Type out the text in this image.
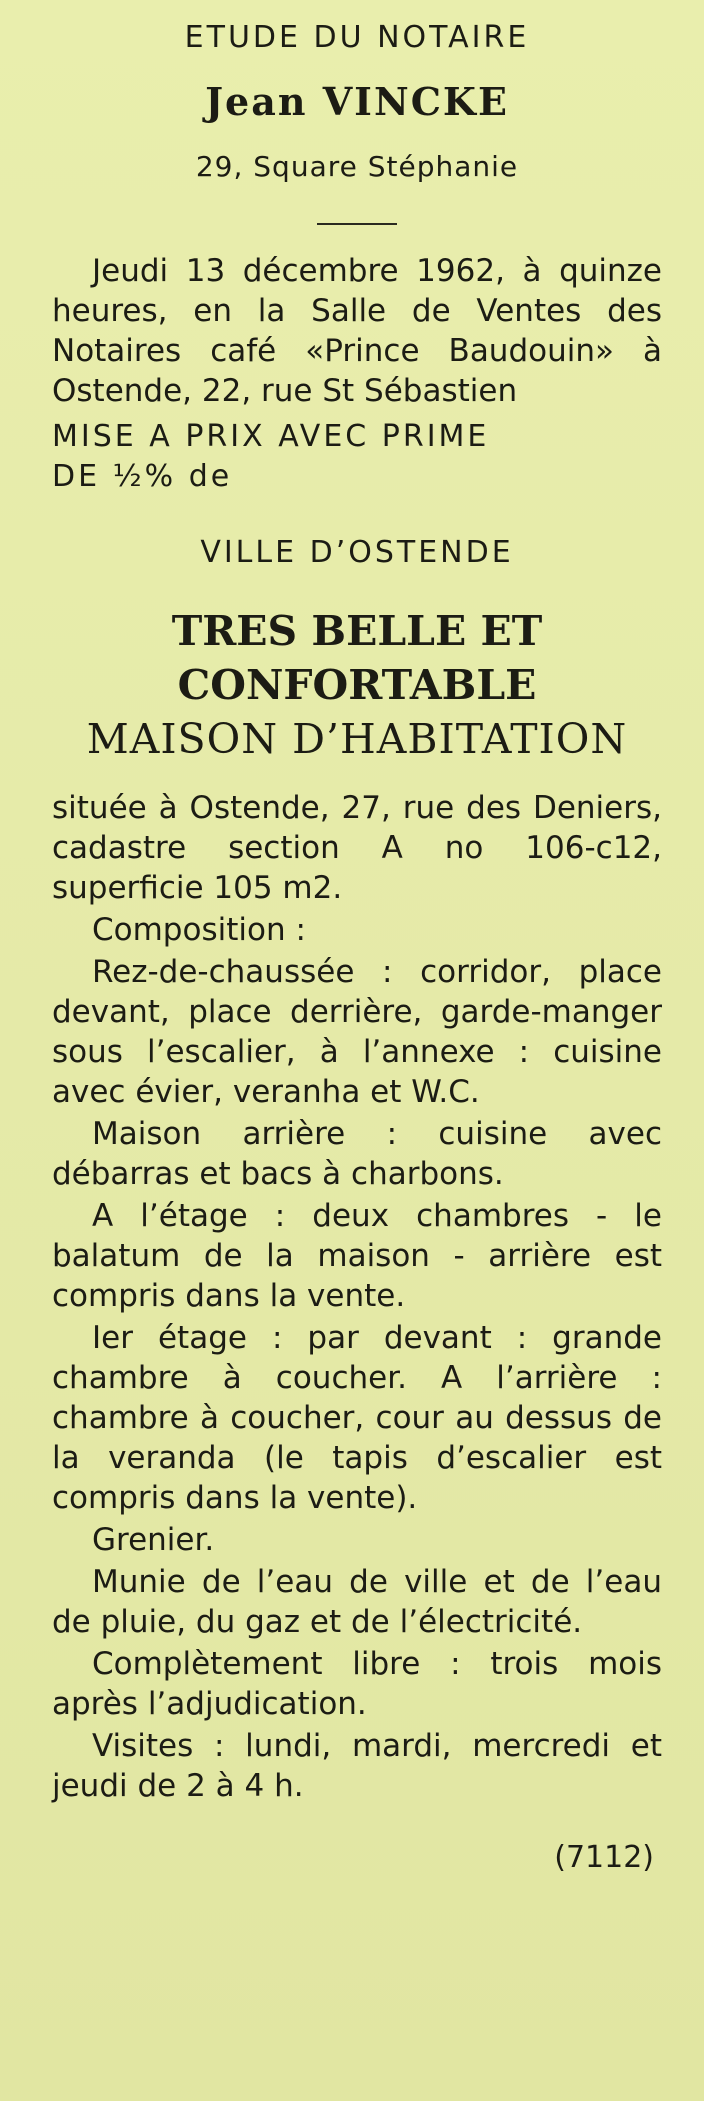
ETUDE DU NOTAIRE

Jean VINCKE

29, Square Stéphanie

Jeudi 13 décembre 1962, à quinze heures, en la Salle de Ventes des Notaires café «Prince Baudouin» à Ostende, 22, rue St Sébastien

MISE A PRIX AVEC PRIME
DE ½% de

VILLE D’OSTENDE

TRES BELLE ET
CONFORTABLE
MAISON D’HABITATION

située à Ostende, 27, rue des Deniers, cadastre section A no 106-c12, superficie 105 m2.

Composition :

Rez-de-chaussée : corridor, place devant, place derrière, garde-manger sous l’escalier, à l’annexe : cuisine avec évier, veranha et W.C.

Maison arrière : cuisine avec débarras et bacs à charbons.

A l’étage : deux chambres - le balatum de la maison - arrière est compris dans la vente.

Ier étage : par devant : grande chambre à coucher. A l’arrière : chambre à coucher, cour au dessus de la veranda (le tapis d’escalier est compris dans la vente).

Grenier.

Munie de l’eau de ville et de l’eau de pluie, du gaz et de l’électricité.

Complètement libre : trois mois après l’adjudication.

Visites : lundi, mardi, mercredi et jeudi de 2 à 4 h.

(7112)
